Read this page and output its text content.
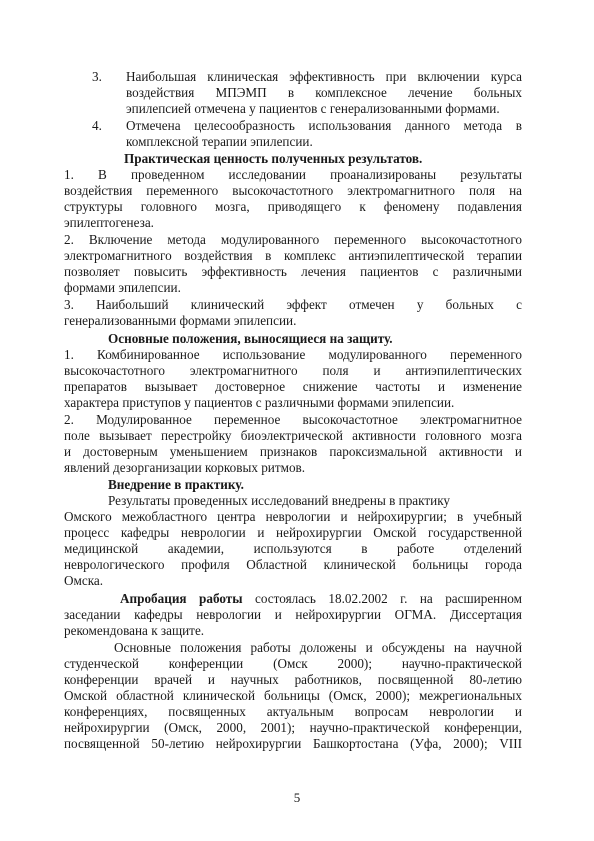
3. Наибольшая клиническая эффективность при включении курса
воздействия МПЭМП в комплексное лечение больных
эпилепсией отмечена у пациентов с генерализованными формами.
4. Отмечена целесообразность использования данного метода в
комплексной терапии эпилепсии.
Практическая ценность полученных результатов.
1. В проведенном исследовании проанализированы результаты
воздействия переменного высокочастотного электромагнитного поля на
структуры головного мозга, приводящего к феномену подавления
эпилептогенеза.
2. Включение метода модулированного переменного высокочастотного
электромагнитного воздействия в комплекс антиэпилептической терапии
позволяет повысить эффективность лечения пациентов с различными
формами эпилепсии.
3. Наибольший клинический эффект отмечен у больных с
генерализованными формами эпилепсии.
Основные положения, выносящиеся на защиту.
1. Комбинированное использование модулированного переменного
высокочастотного электромагнитного поля и антиэпилептических
препаратов вызывает достоверное снижение частоты и изменение
характера приступов у пациентов с различными формами эпилепсии.
2. Модулированное переменное высокочастотное электромагнитное
поле вызывает перестройку биоэлектрической активности головного мозга
и достоверным уменьшением признаков пароксизмальной активности и
явлений дезорганизации корковых ритмов.
Внедрение в практику.
Результаты проведенных исследований внедрены в практику
Омского межобластного центра неврологии и нейрохирургии; в учебный
процесс кафедры неврологии и нейрохирургии Омской государственной
медицинской академии, используются в работе отделений
неврологического профиля Областной клинической больницы города
Омска.
Апробация работы состоялась 18.02.2002 г. на расширенном
заседании кафедры неврологии и нейрохирургии ОГМА. Диссертация
рекомендована к защите.
Основные положения работы доложены и обсуждены на научной
студенческой конференции (Омск 2000); научно-практической
конференции врачей и научных работников, посвященной 80-летию
Омской областной клинической больницы (Омск, 2000); межрегиональных
конференциях, посвященных актуальным вопросам неврологии и
нейрохирургии (Омск, 2000, 2001); научно-практической конференции,
посвященной 50-летию нейрохирургии Башкортостана (Уфа, 2000); VIII
5
